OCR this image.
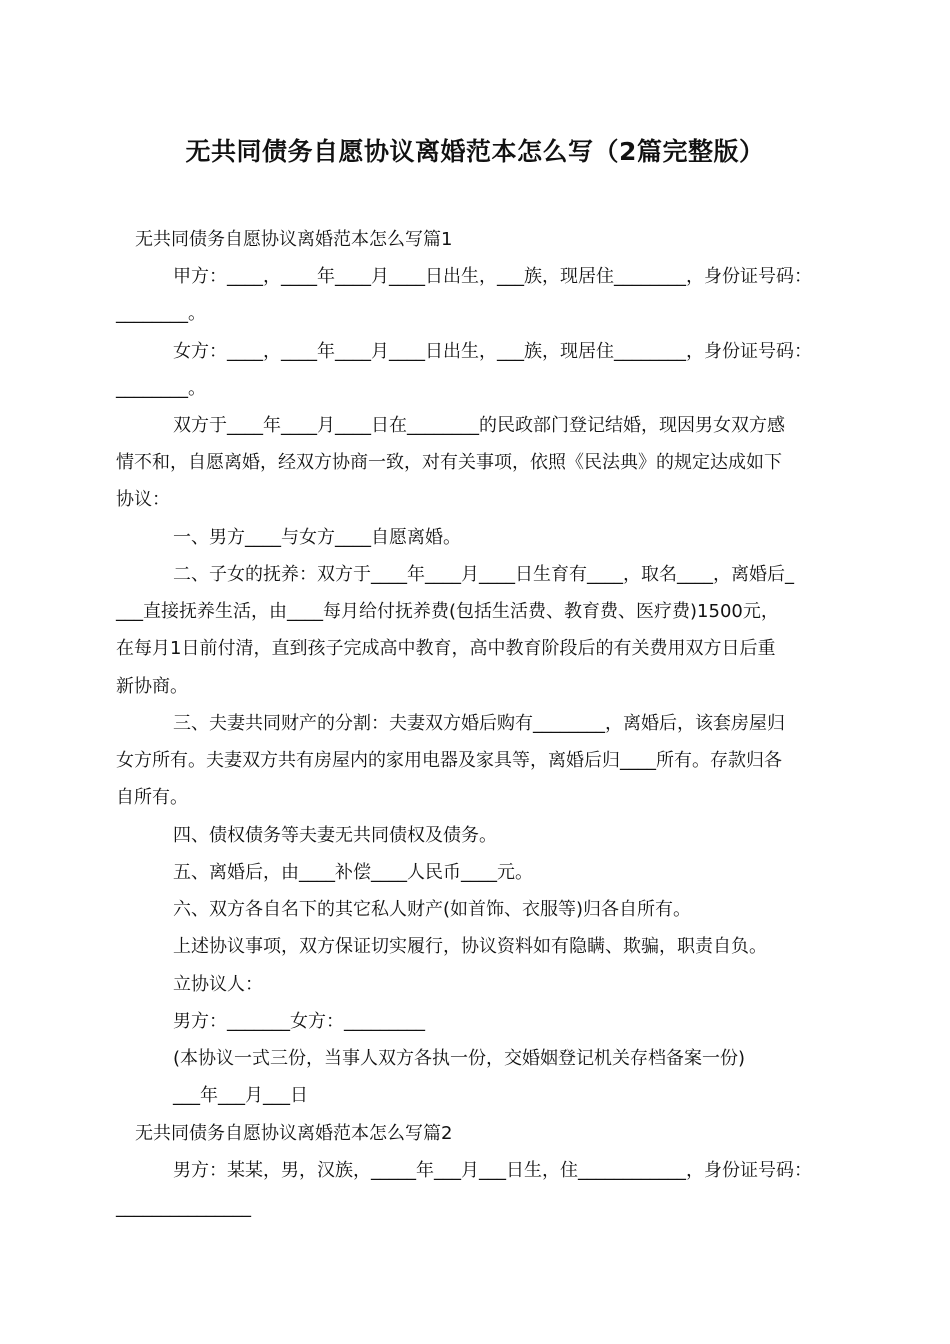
无共同债务自愿协议离婚范本怎么写（2篇完整版）
无共同债务自愿协议离婚范本怎么写篇1
甲方：____，____年____月____日出生，___族，现居住________，身份证号码：
________。
女方：____，____年____月____日出生，___族，现居住________，身份证号码：
________。
双方于____年____月____日在________的民政部门登记结婚，现因男女双方感
情不和，自愿离婚，经双方协商一致，对有关事项，依照《民法典》的规定达成如下
协议：
一、男方____与女方____自愿离婚。
二、子女的抚养：双方于____年____月____日生育有____，取名____，离婚后_
___直接抚养生活，由____每月给付抚养费(包括生活费、教育费、医疗费)1500元，
在每月1日前付清，直到孩子完成高中教育，高中教育阶段后的有关费用双方日后重
新协商。
三、夫妻共同财产的分割：夫妻双方婚后购有________，离婚后，该套房屋归
女方所有。夫妻双方共有房屋内的家用电器及家具等，离婚后归____所有。存款归各
自所有。
四、债权债务等夫妻无共同债权及债务。
五、离婚后，由____补偿____人民币____元。
六、双方各自名下的其它私人财产(如首饰、衣服等)归各自所有。
上述协议事项，双方保证切实履行，协议资料如有隐瞒、欺骗，职责自负。
立协议人：
男方：_______女方：_________
(本协议一式三份，当事人双方各执一份，交婚姻登记机关存档备案一份)
___年___月___日
无共同债务自愿协议离婚范本怎么写篇2
男方：某某，男，汉族，_____年___月___日生，住____________，身份证号码：
_______________
